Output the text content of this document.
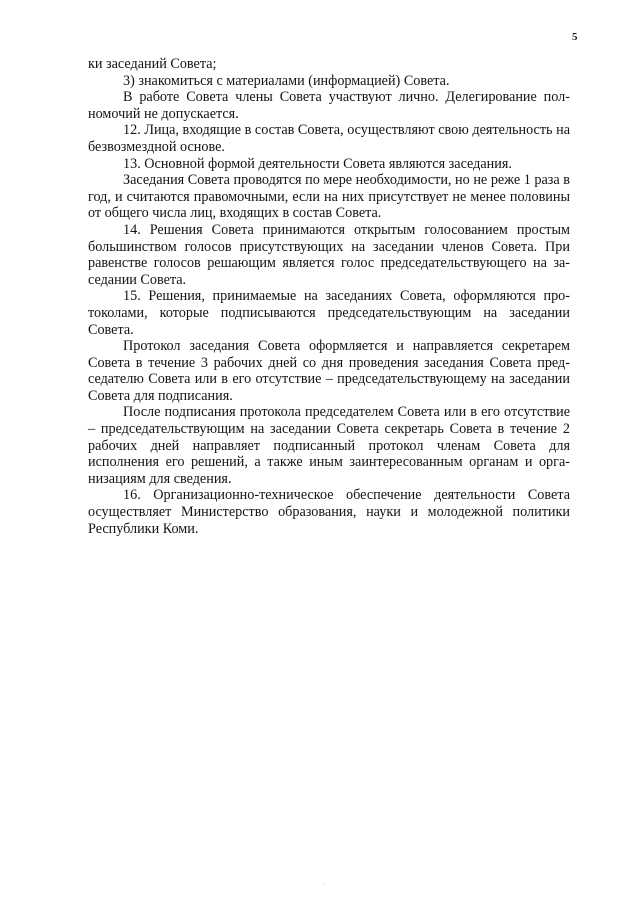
5

ки заседаний Совета;

3) знакомиться с материалами (информацией) Совета.

В работе Совета члены Совета участвуют лично. Делегирование полномочий не допускается.

12. Лица, входящие в состав Совета, осуществляют свою деятельность на безвозмездной основе.

13. Основной формой деятельности Совета являются заседания.

Заседания Совета проводятся по мере необходимости, но не реже 1 раза в год, и считаются правомочными, если на них присутствует не менее половины от общего числа лиц, входящих в состав Совета.

14. Решения Совета принимаются открытым голосованием простым большинством голосов присутствующих на заседании членов Совета. При равенстве голосов решающим является голос председательствующего на заседании Совета.

15. Решения, принимаемые на заседаниях Совета, оформляются протоколами, которые подписываются председательствующим на заседании Совета.

Протокол заседания Совета оформляется и направляется секретарем Совета в течение 3 рабочих дней со дня проведения заседания Совета председателю Совета или в его отсутствие – председательствующему на заседании Совета для подписания.

После подписания протокола председателем Совета или в его отсутствие – председательствующим на заседании Совета секретарь Совета в течение 2 рабочих дней направляет подписанный протокол членам Совета для исполнения его решений, а также иным заинтересованным органам и организациям для сведения.

16. Организационно-техническое обеспечение деятельности Совета осуществляет Министерство образования, науки и молодежной политики Республики Коми.
